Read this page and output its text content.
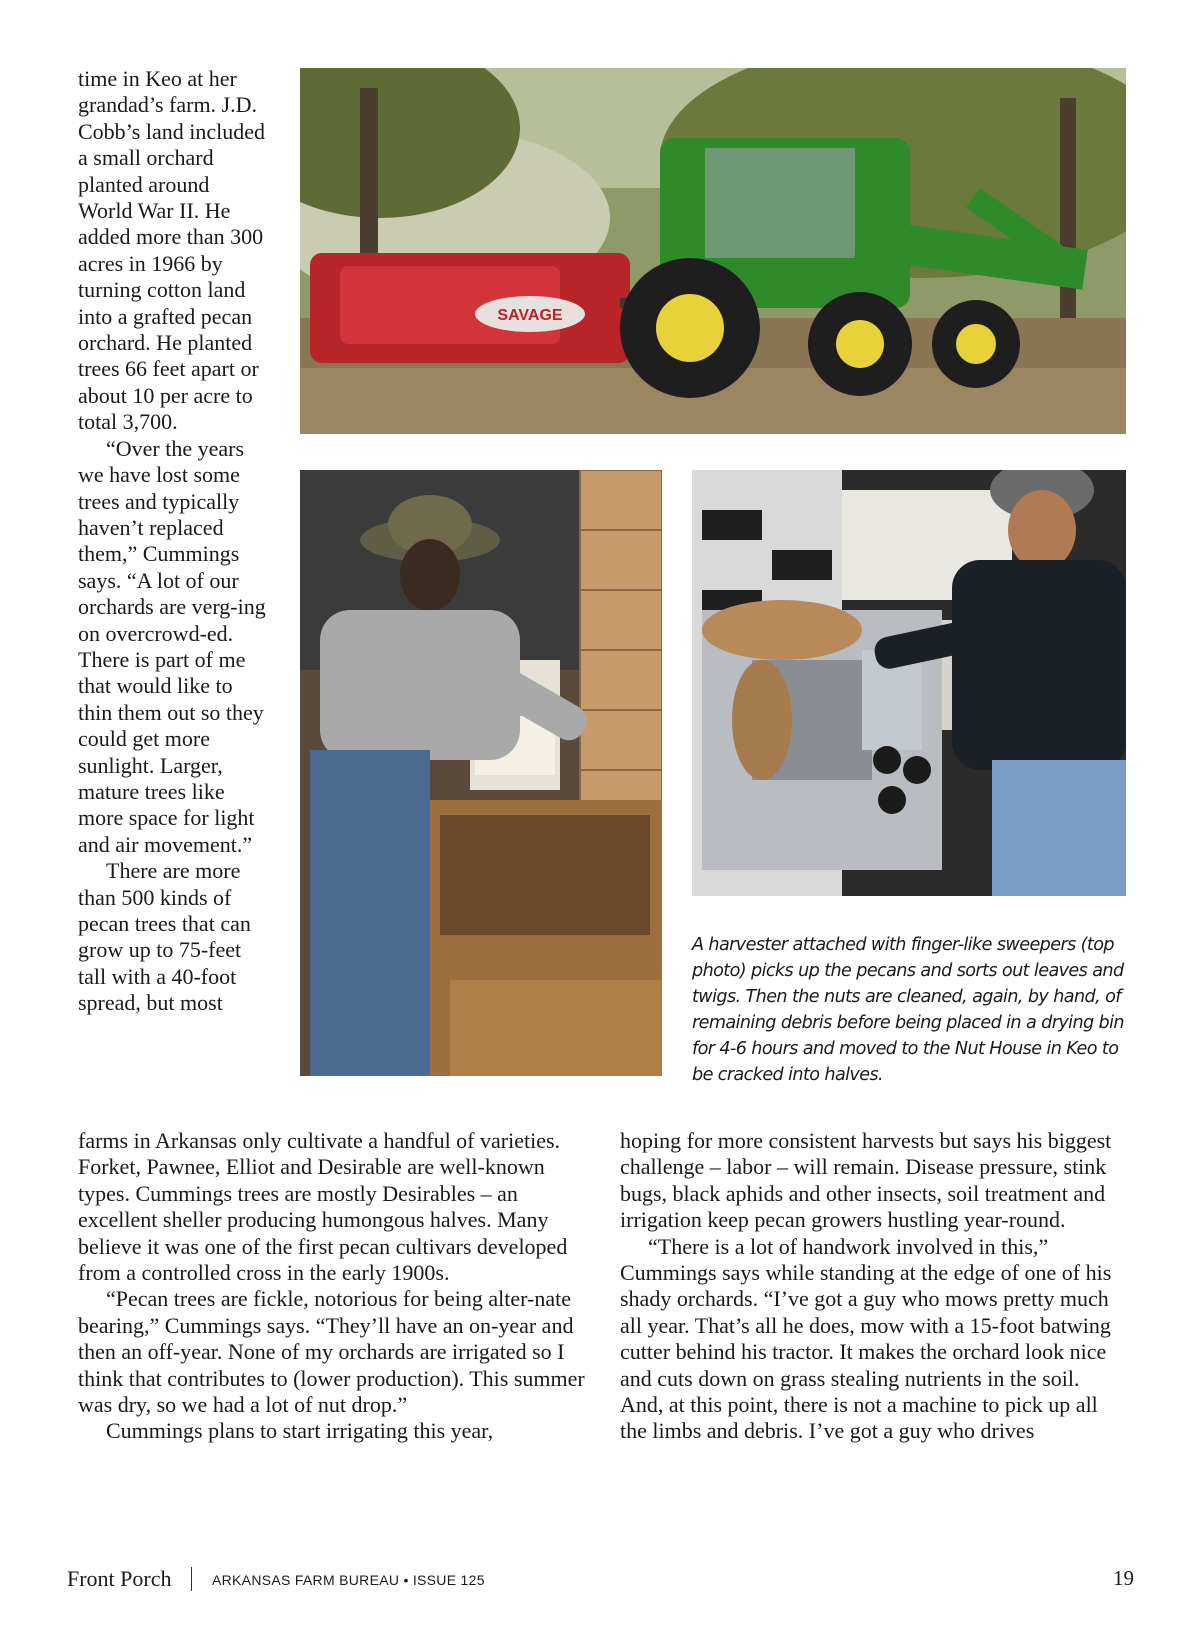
time in Keo at her grandad’s farm. J.D. Cobb’s land included a small orchard planted around World War II. He added more than 300 acres in 1966 by turning cotton land into a grafted pecan orchard. He planted trees 66 feet apart or about 10 per acre to total 3,700.

“Over the years we have lost some trees and typically haven’t replaced them,” Cummings says. “A lot of our orchards are verg-ing on overcrowd-ed. There is part of me that would like to thin them out so they could get more sunlight. Larger, mature trees like more space for light and air movement.”

There are more than 500 kinds of pecan trees that can grow up to 75-feet tall with a 40-foot spread, but most

SAVAGE

A harvester attached with finger-like sweepers (top photo) picks up the pecans and sorts out leaves and twigs. Then the nuts are cleaned, again, by hand, of remaining debris before being placed in a drying bin for 4-6 hours and moved to the Nut House in Keo to be cracked into halves.

farms in Arkansas only cultivate a handful of varieties. Forket, Pawnee, Elliot and Desirable are well-known types. Cummings trees are mostly Desirables – an excellent sheller producing humongous halves. Many believe it was one of the first pecan cultivars developed from a controlled cross in the early 1900s.

“Pecan trees are fickle, notorious for being alter-nate bearing,” Cummings says. “They’ll have an on-year and then an off-year. None of my orchards are irrigated so I think that contributes to (lower production). This summer was dry, so we had a lot of nut drop.”

Cummings plans to start irrigating this year,

hoping for more consistent harvests but says his biggest challenge – labor – will remain. Disease pressure, stink bugs, black aphids and other insects, soil treatment and irrigation keep pecan growers hustling year-round.

“There is a lot of handwork involved in this,” Cummings says while standing at the edge of one of his shady orchards. “I’ve got a guy who mows pretty much all year. That’s all he does, mow with a 15-foot batwing cutter behind his tractor. It makes the orchard look nice and cuts down on grass stealing nutrients in the soil. And, at this point, there is not a machine to pick up all the limbs and debris. I’ve got a guy who drives

Front Porch	ARKANSAS FARM BUREAU • ISSUE 125	19
